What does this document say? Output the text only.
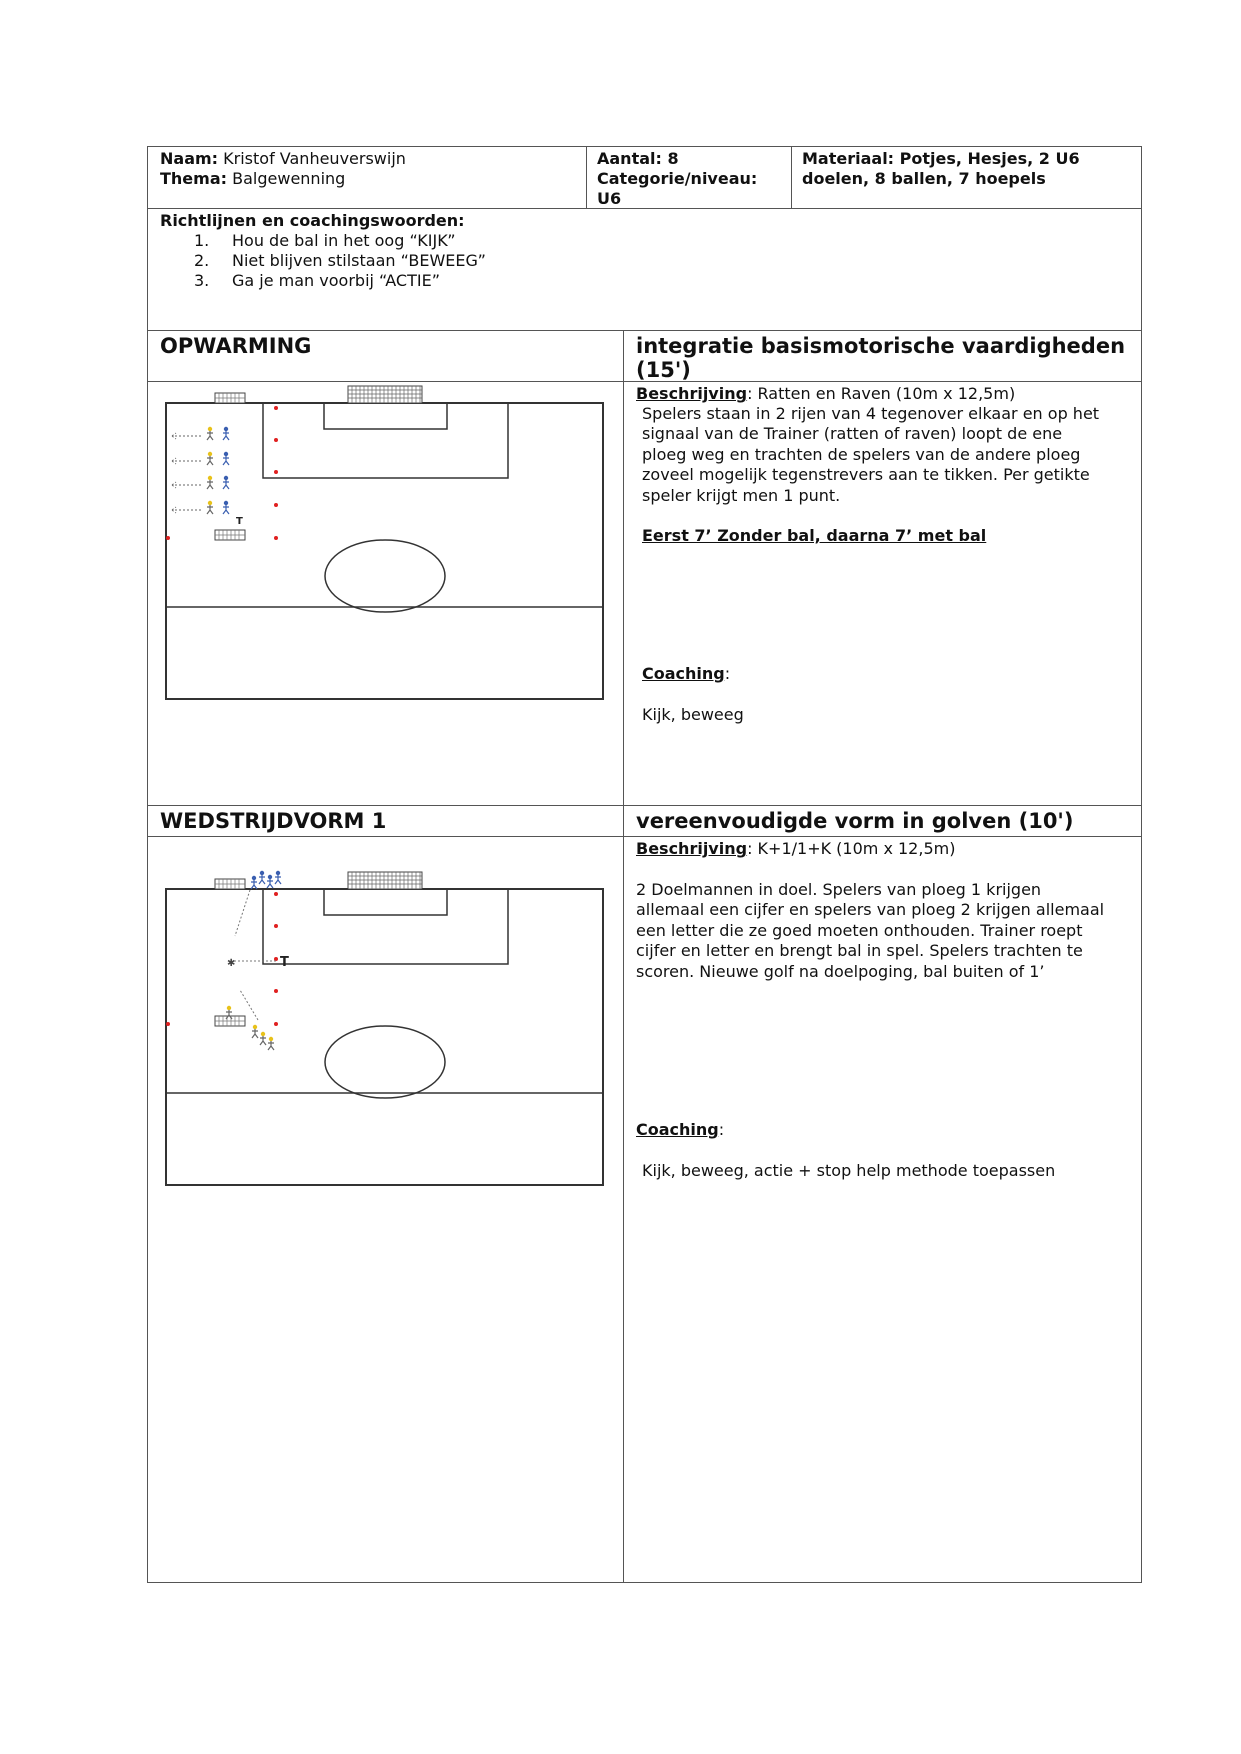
Naam: Kristof Vanheuverswijn
Thema: Balgewenning
Aantal: 8
Categorie/niveau:
U6
Materiaal: Potjes, Hesjes, 2 U6
doelen, 8 ballen, 7 hoepels
Richtlijnen en coachingswoorden:
1. Hou de bal in het oog “KIJK”
2. Niet blijven stilstaan “BEWEEG”
3. Ga je man voorbij “ACTIE”
OPWARMING	integratie basismotorische vaardigheden
(15')
Beschrijving: Ratten en Raven (10m x 12,5m)
Spelers staan in 2 rijen van 4 tegenover elkaar en op het
signaal van de Trainer (ratten of raven) loopt de ene
ploeg weg en trachten de spelers van de andere ploeg
zoveel mogelijk tegenstrevers aan te tikken. Per getikte
speler krijgt men 1 punt.
Eerst 7’ Zonder bal, daarna 7’ met bal
Coaching:
Kijk, beweeg
T
WEDSTRIJDVORM 1	vereenvoudigde vorm in golven (10')
Beschrijving: K+1/1+K (10m x 12,5m)
2 Doelmannen in doel. Spelers van ploeg 1 krijgen
allemaal een cijfer en spelers van ploeg 2 krijgen allemaal
een letter die ze goed moeten onthouden. Trainer roept
cijfer en letter en brengt bal in spel. Spelers trachten te
scoren. Nieuwe golf na doelpoging, bal buiten of 1’
Coaching:
Kijk, beweeg, actie + stop help methode toepassen
✱	T
